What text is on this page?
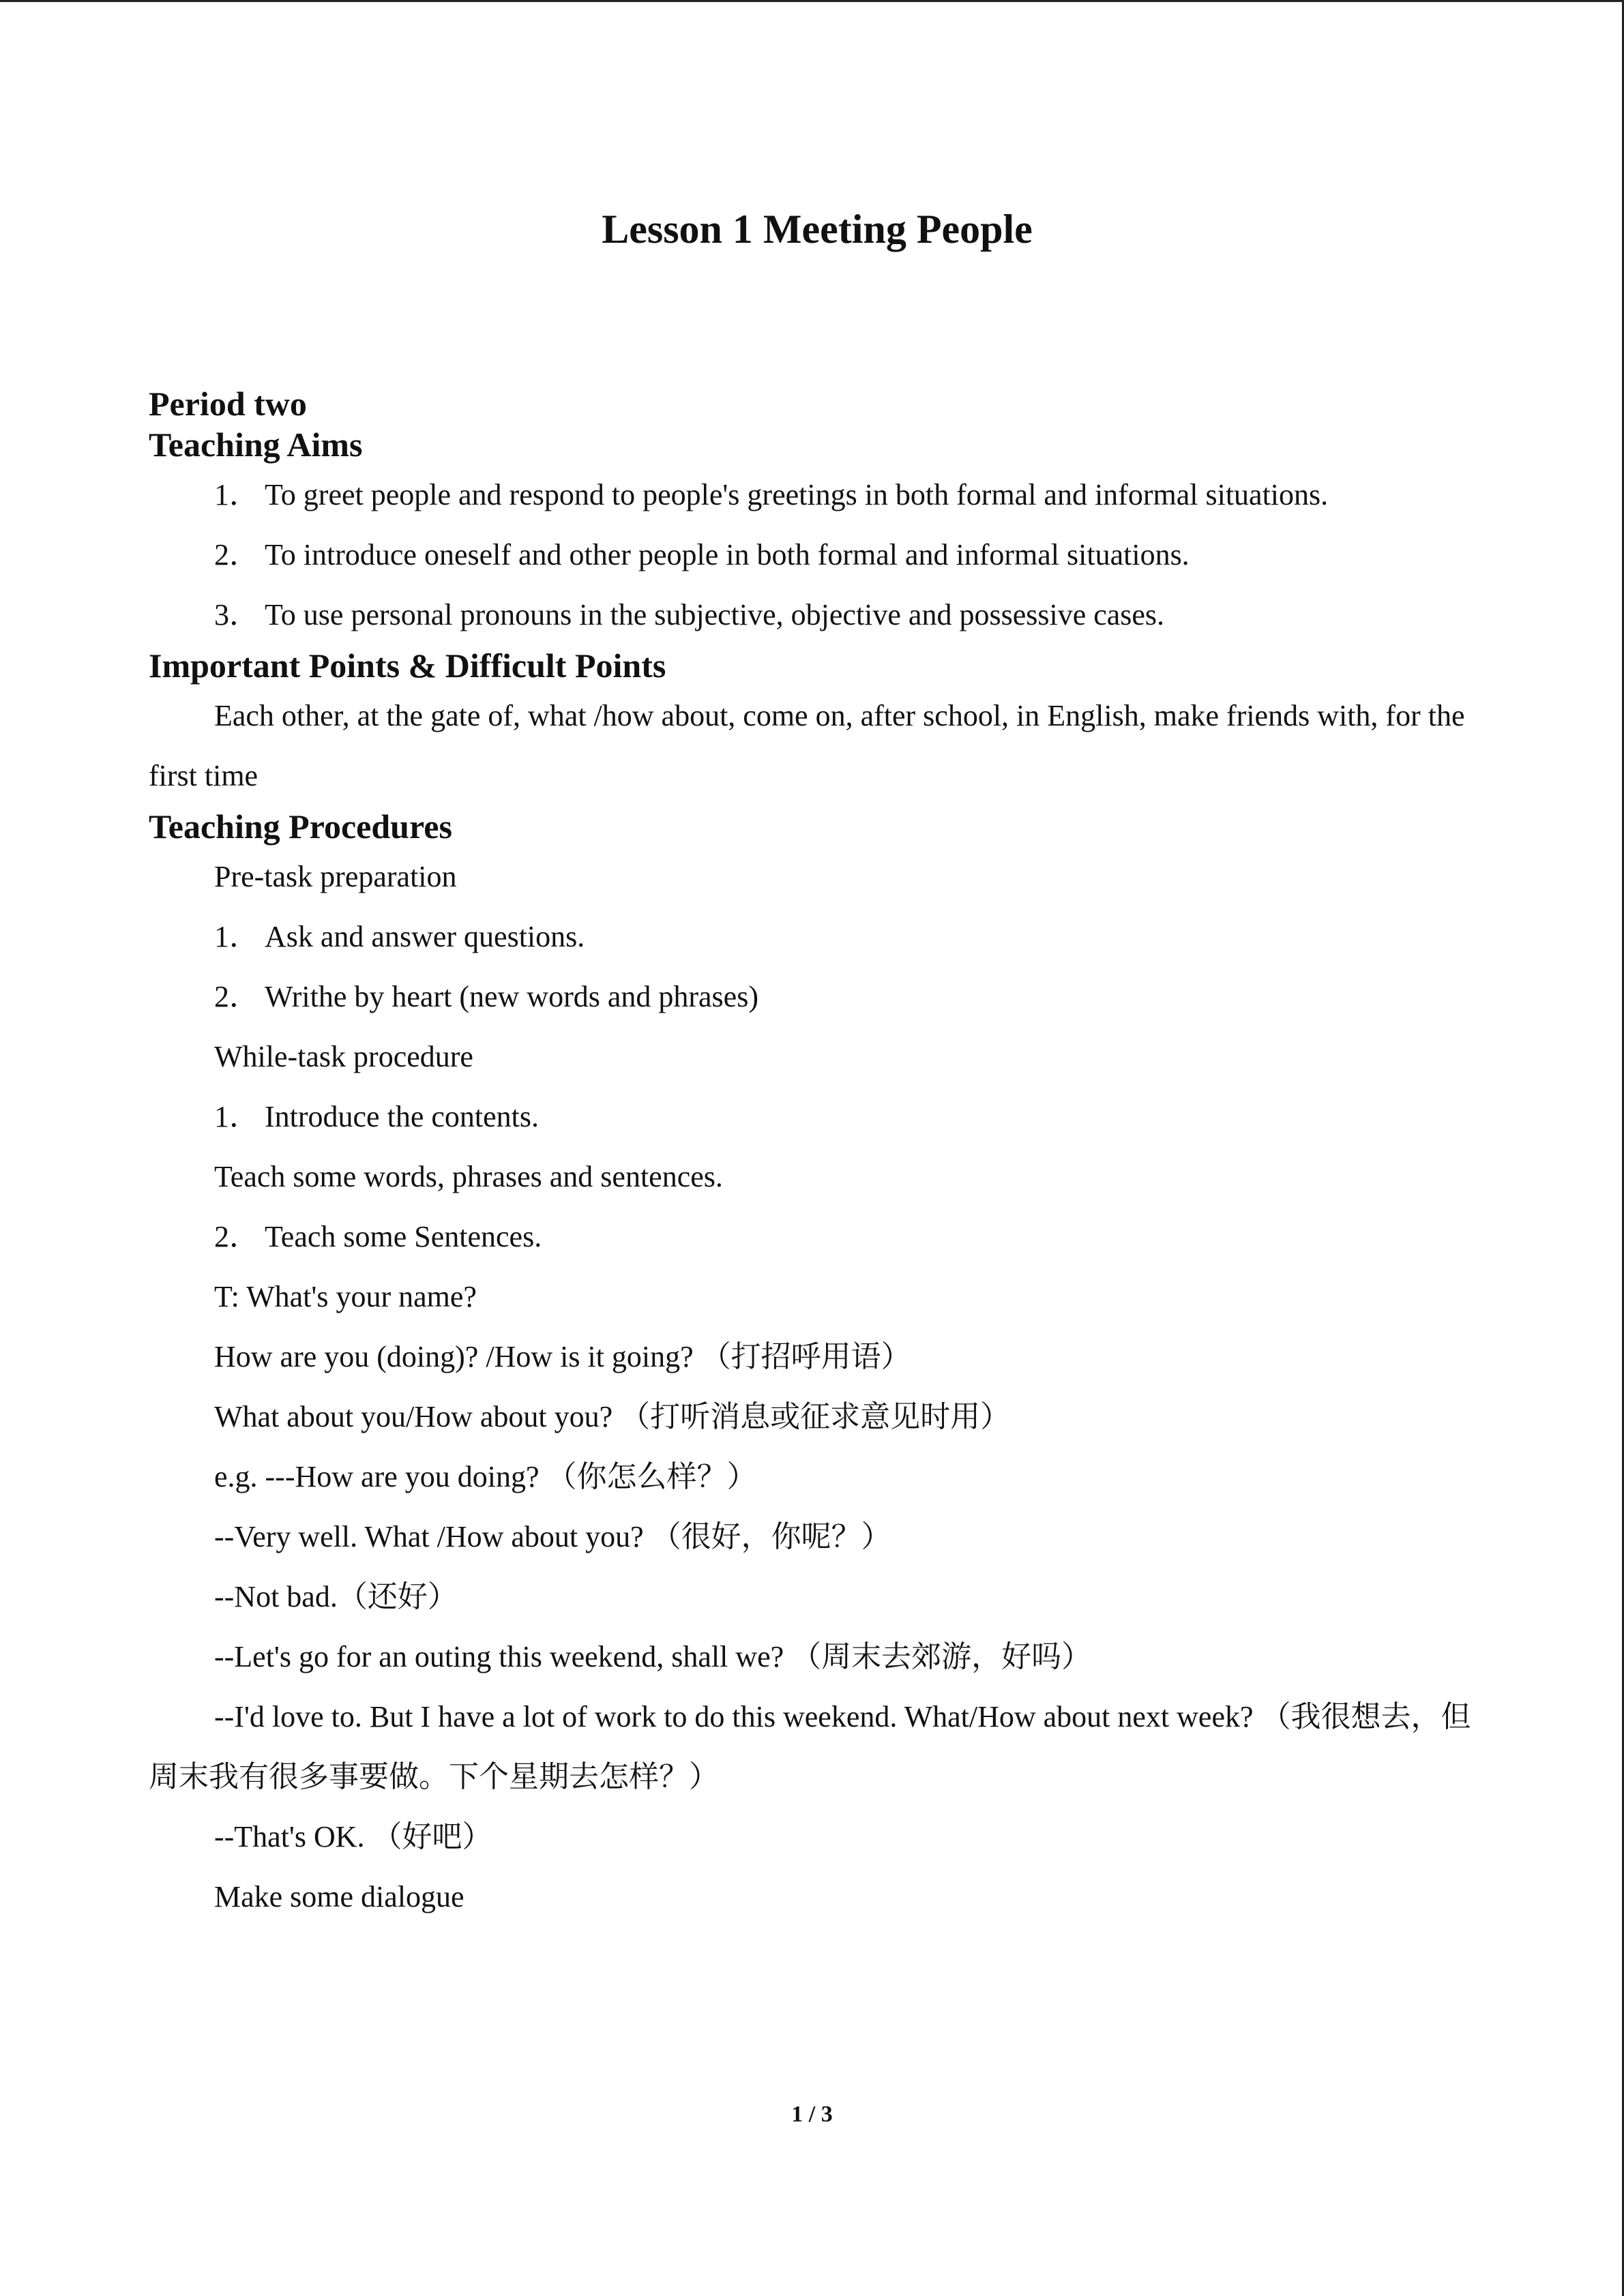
Lesson 1 Meeting People
Period two
Teaching Aims

1． To greet people and respond to people's greetings in both formal and informal situations.

2． To introduce oneself and other people in both formal and informal situations.

3． To use personal pronouns in the subjective, objective and possessive cases.

Important Points & Difficult Points

Each other, at the gate of, what /how about, come on, after school, in English, make friends with, for the first time

Teaching Procedures

Pre-task preparation

1． Ask and answer questions.

2． Writhe by heart (new words and phrases)

While-task procedure

1． Introduce the contents.

Teach some words, phrases and sentences.

2． Teach some Sentences.

T: What's your name?

How are you (doing)? /How is it going? （打招呼用语）

What about you/How about you? （打听消息或征求意见时用）

e.g. ---How are you doing? （你怎么样？）

--Very well. What /How about you? （很好，你呢？）

--Not bad.（还好）

--Let's go for an outing this weekend, shall we? （周末去郊游，好吗）

--I'd love to. But I have a lot of work to do this weekend. What/How about next week? （我很想去，但周末我有很多事要做。下个星期去怎样？）

--That's OK. （好吧）

Make some dialogue

1 / 3
